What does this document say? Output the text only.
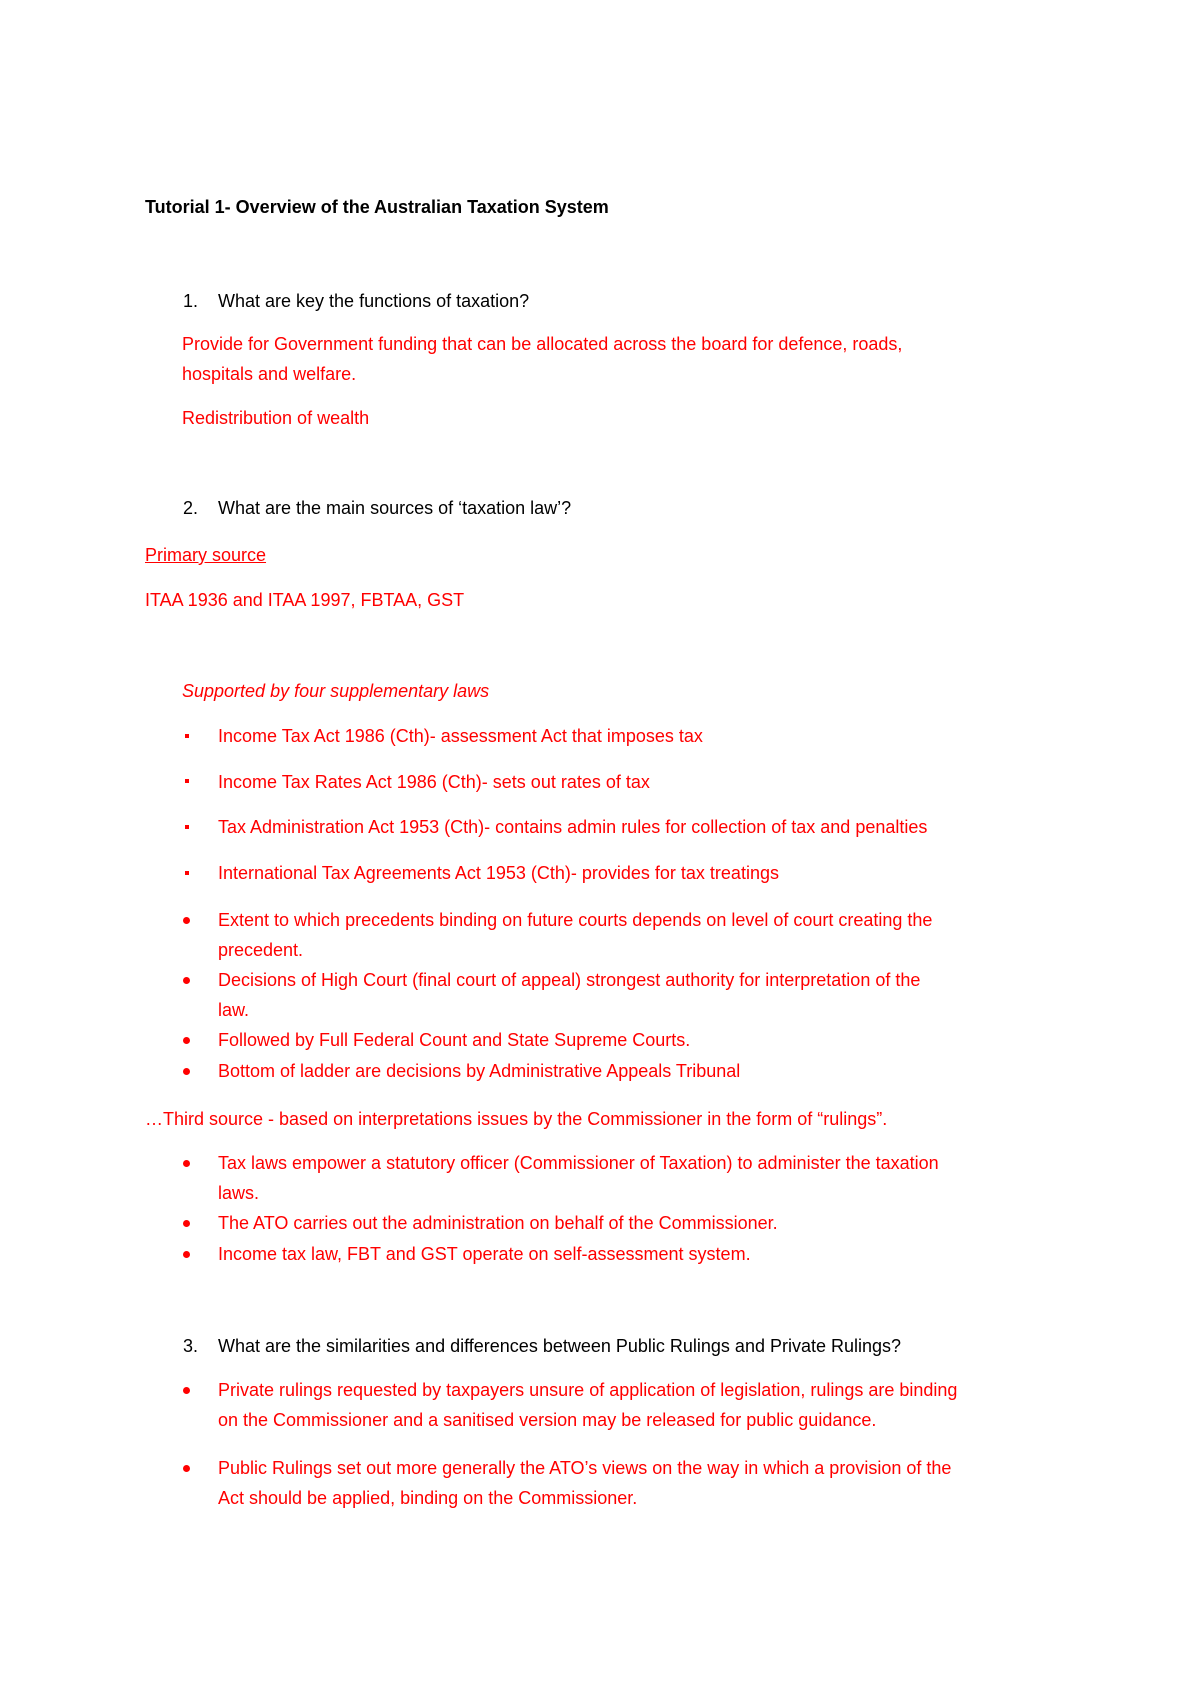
Tutorial 1- Overview of the Australian Taxation System
1. What are key the functions of taxation?
Provide for Government funding that can be allocated across the board for defence, roads,
hospitals and welfare.
Redistribution of wealth
2. What are the main sources of ‘taxation law’?
Primary source
ITAA 1936 and ITAA 1997, FBTAA, GST
Supported by four supplementary laws
Income Tax Act 1986 (Cth)- assessment Act that imposes tax
Income Tax Rates Act 1986 (Cth)- sets out rates of tax
Tax Administration Act 1953 (Cth)- contains admin rules for collection of tax and penalties
International Tax Agreements Act 1953 (Cth)- provides for tax treatings
Extent to which precedents binding on future courts depends on level of court creating the
precedent.
Decisions of High Court (final court of appeal) strongest authority for interpretation of the
law.
Followed by Full Federal Count and State Supreme Courts.
Bottom of ladder are decisions by Administrative Appeals Tribunal
…Third source - based on interpretations issues by the Commissioner in the form of “rulings”.
Tax laws empower a statutory officer (Commissioner of Taxation) to administer the taxation
laws.
The ATO carries out the administration on behalf of the Commissioner.
Income tax law, FBT and GST operate on self-assessment system.
3. What are the similarities and differences between Public Rulings and Private Rulings?
Private rulings requested by taxpayers unsure of application of legislation, rulings are binding
on the Commissioner and a sanitised version may be released for public guidance.
Public Rulings set out more generally the ATO’s views on the way in which a provision of the
Act should be applied, binding on the Commissioner.
